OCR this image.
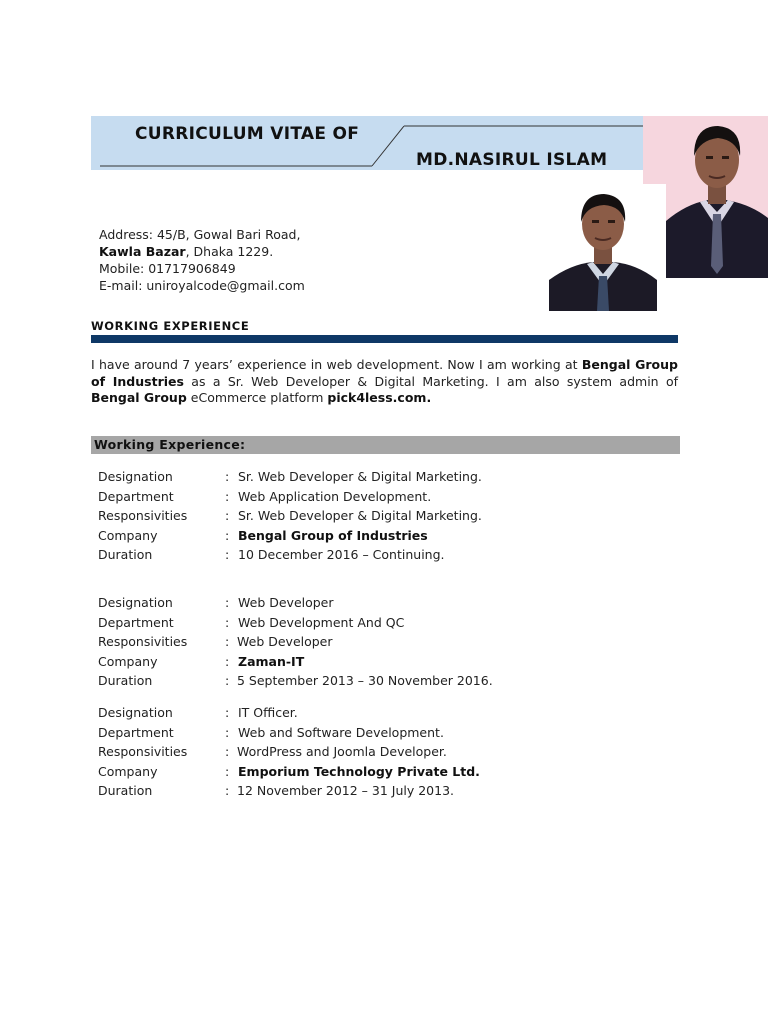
CURRICULUM VITAE OF
MD.NASIRUL ISLAM
Address: 45/B, Gowal Bari Road,
Kawla Bazar, Dhaka 1229.
Mobile: 01717906849
E-mail: uniroyalcode@gmail.com
WORKING EXPERIENCE
I have around 7 years’ experience in web development. Now I am working at Bengal Group of Industries as a Sr. Web Developer & Digital Marketing. I am also system admin of Bengal Group eCommerce platform pick4less.com.
Working Experience:
Designation	: Sr. Web Developer & Digital Marketing.
Department	: Web Application Development.
Responsivities	: Sr. Web Developer & Digital Marketing.
Company	: Bengal Group of Industries
Duration	: 10 December 2016 – Continuing.
Designation	: Web Developer
Department	: Web Development And QC
Responsivities	: Web Developer
Company	: Zaman-IT
Duration	: 5 September 2013 – 30 November 2016.
Designation	: IT Officer.
Department	: Web and Software Development.
Responsivities	: WordPress and Joomla Developer.
Company	: Emporium Technology Private Ltd.
Duration	: 12 November 2012 – 31 July 2013.
